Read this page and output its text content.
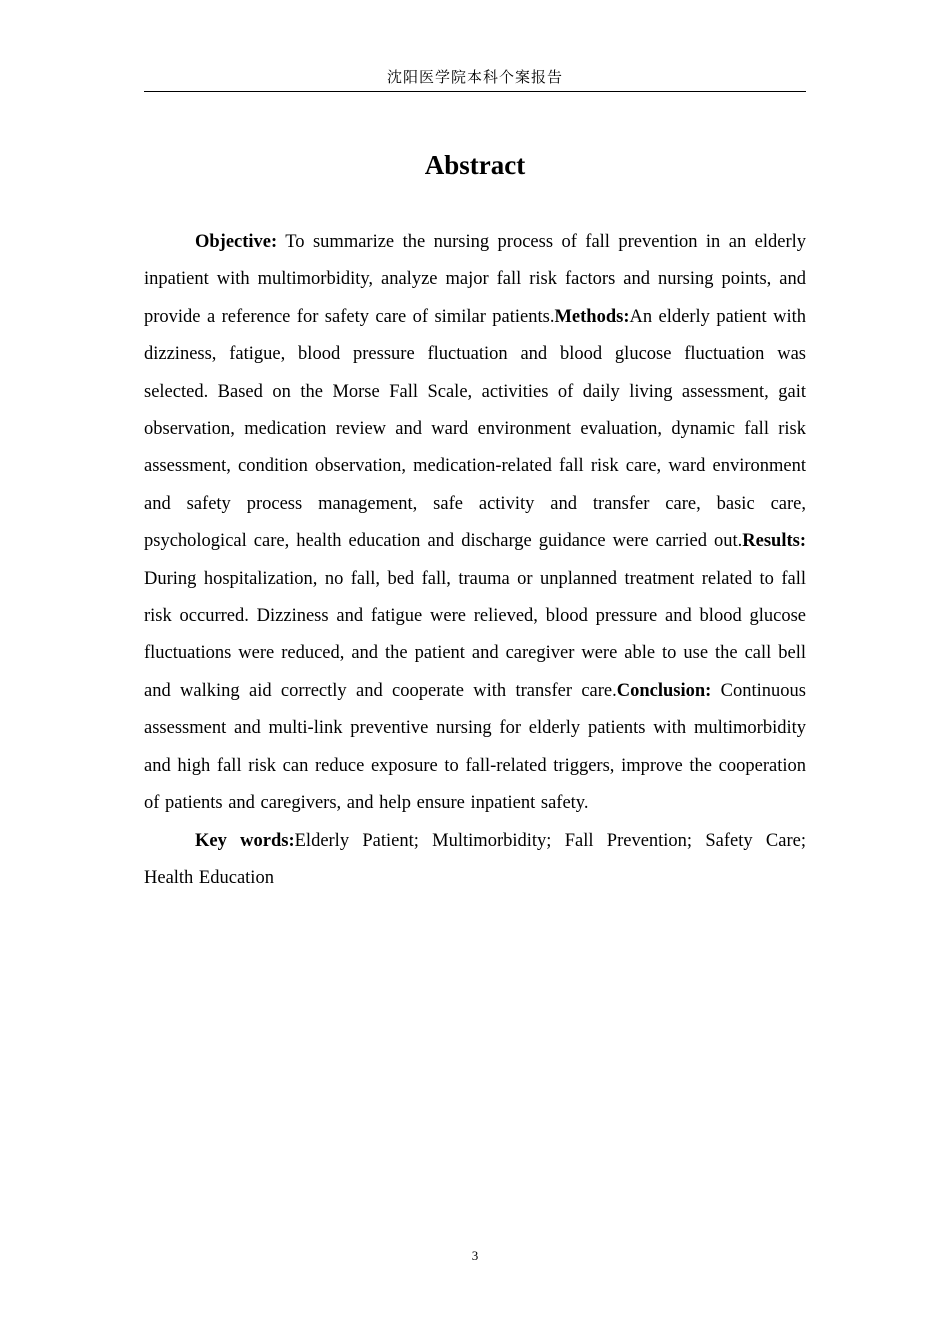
沈阳医学院本科个案报告
Abstract

Objective: To summarize the nursing process of fall prevention in an elderly inpatient with multimorbidity, analyze major fall risk factors and nursing points, and provide a reference for safety care of similar patients.Methods:An elderly patient with dizziness, fatigue, blood pressure fluctuation and blood glucose fluctuation was selected. Based on the Morse Fall Scale, activities of daily living assessment, gait observation, medication review and ward environment evaluation, dynamic fall risk assessment, condition observation, medication-related fall risk care, ward environment and safety process management, safe activity and transfer care, basic care, psychological care, health education and discharge guidance were carried out.Results: During hospitalization, no fall, bed fall, trauma or unplanned treatment related to fall risk occurred. Dizziness and fatigue were relieved, blood pressure and blood glucose fluctuations were reduced, and the patient and caregiver were able to use the call bell and walking aid correctly and cooperate with transfer care.Conclusion: Continuous assessment and multi-link preventive nursing for elderly patients with multimorbidity and high fall risk can reduce exposure to fall-related triggers, improve the cooperation of patients and caregivers, and help ensure inpatient safety.

Key words:Elderly Patient; Multimorbidity; Fall Prevention; Safety Care; Health Education

3
